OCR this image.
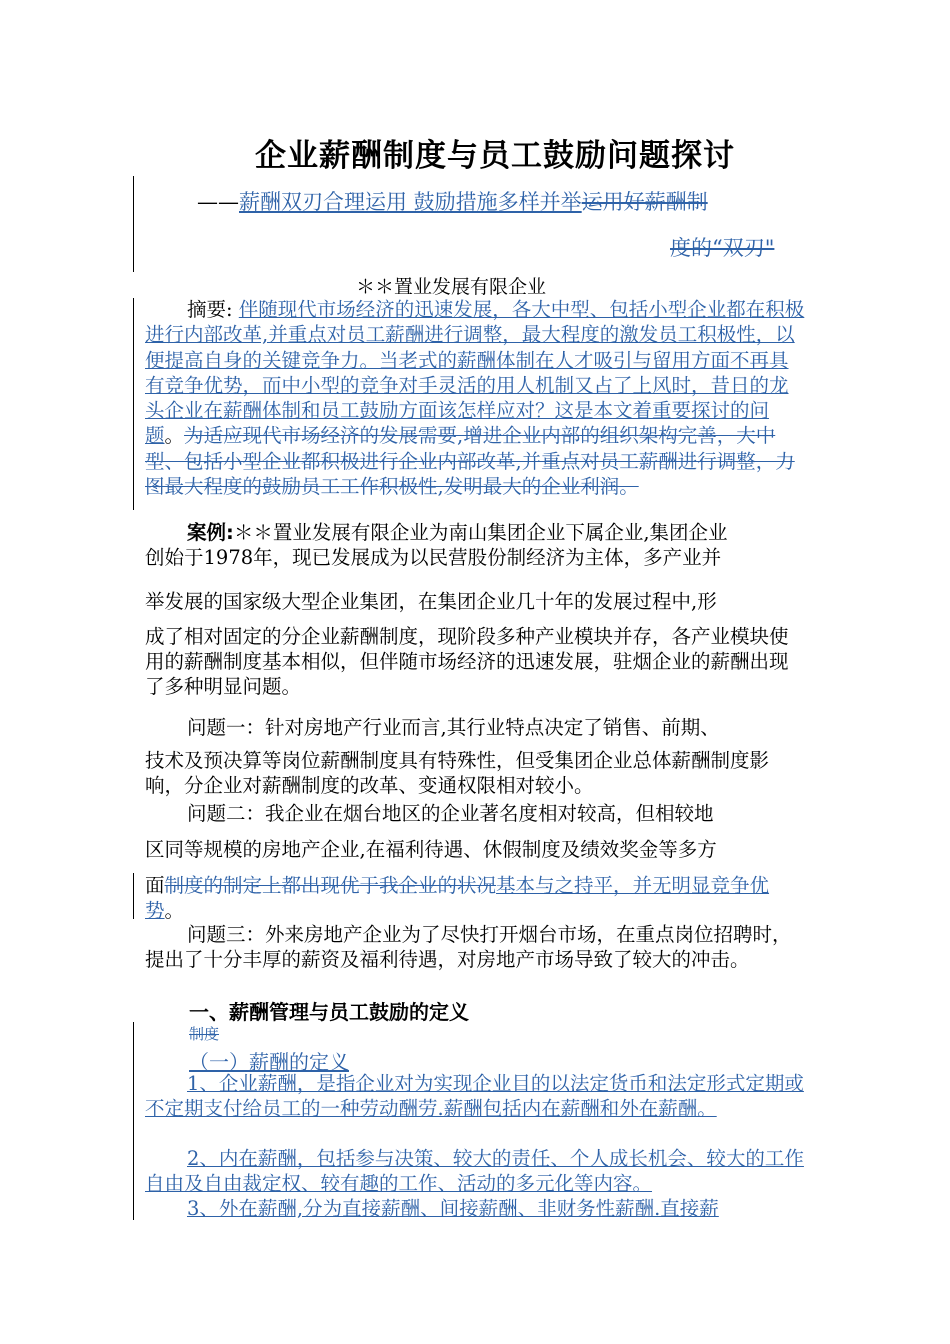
企业薪酬制度与员工鼓励问题探讨
——薪酬双刃合理运用 鼓励措施多样并举运用好薪酬制
度的“双刃"
＊＊置业发展有限企业

摘要: 伴随现代市场经济的迅速发展，各大中型、包括小型企业都在积极进行内部改革,并重点对员工薪酬进行调整，最大程度的激发员工积极性，以便提高自身的关键竞争力。当老式的薪酬体制在人才吸引与留用方面不再具有竞争优势，而中小型的竞争对手灵活的用人机制又占了上风时，昔日的龙头企业在薪酬体制和员工鼓励方面该怎样应对？这是本文着重要探讨的问题。为适应现代市场经济的发展需要,增进企业内部的组织架构完善，大中型、包括小型企业都积极进行企业内部改革,并重点对员工薪酬进行调整，力图最大程度的鼓励员工工作积极性,发明最大的企业利润。

案例:＊＊置业发展有限企业为南山集团企业下属企业,集团企业

创始于1978年，现已发展成为以民营股份制经济为主体，多产业并

举发展的国家级大型企业集团，在集团企业几十年的发展过程中,形
成了相对固定的分企业薪酬制度，现阶段多种产业模块并存，各产业模块使用的薪酬制度基本相似，但伴随市场经济的迅速发展，驻烟企业的薪酬出现了多种明显问题。
问题一：针对房地产行业而言,其行业特点决定了销售、前期、
技术及预决算等岗位薪酬制度具有特殊性，但受集团企业总体薪酬制度影响，分企业对薪酬制度的改革、变通权限相对较小。
问题二：我企业在烟台地区的企业著名度相对较高，但相较地
区同等规模的房地产企业,在福利待遇、休假制度及绩效奖金等多方
面制度的制定上都出现优于我企业的状况基本与之持平，并无明显竞争优势。
问题三：外来房地产企业为了尽快打开烟台市场，在重点岗位招聘时，提出了十分丰厚的薪资及福利待遇，对房地产市场导致了较大的冲击。
一、薪酬管理与员工鼓励的定义
制度
（一）薪酬的定义
1、企业薪酬，是指企业对为实现企业目的以法定货币和法定形式定期或不定期支付给员工的一种劳动酬劳.薪酬包括内在薪酬和外在薪酬。
2、内在薪酬，包括参与决策、较大的责任、个人成长机会、较大的工作自由及自由裁定权、较有趣的工作、活动的多元化等内容。
3、外在薪酬,分为直接薪酬、间接薪酬、非财务性薪酬.直接薪
